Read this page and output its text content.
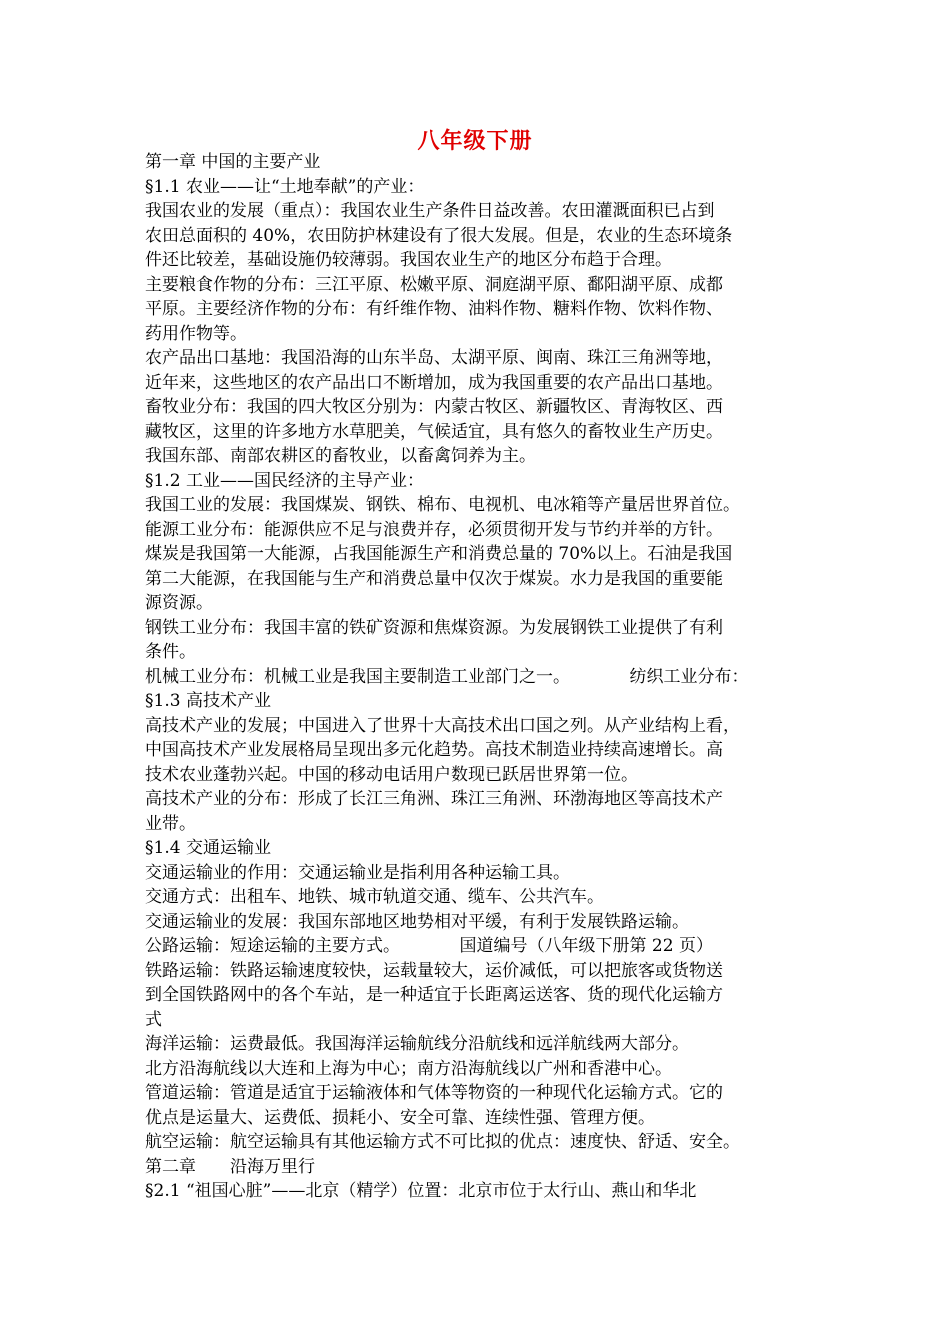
八年级下册
第一章 中国的主要产业
§1.1 农业——让“土地奉献”的产业：
我国农业的发展（重点）：我国农业生产条件日益改善。农田灌溉面积已占到
农田总面积的 40%，农田防护林建设有了很大发展。但是，农业的生态环境条
件还比较差，基础设施仍较薄弱。我国农业生产的地区分布趋于合理。
主要粮食作物的分布：三江平原、松嫩平原、洞庭湖平原、鄱阳湖平原、成都
平原。主要经济作物的分布：有纤维作物、油料作物、糖料作物、饮料作物、
药用作物等。
农产品出口基地：我国沿海的山东半岛、太湖平原、闽南、珠江三角洲等地，
近年来，这些地区的农产品出口不断增加，成为我国重要的农产品出口基地。
畜牧业分布：我国的四大牧区分别为：内蒙古牧区、新疆牧区、青海牧区、西
藏牧区，这里的许多地方水草肥美，气候适宜，具有悠久的畜牧业生产历史。
我国东部、南部农耕区的畜牧业，以畜禽饲养为主。
§1.2 工业——国民经济的主导产业：
我国工业的发展：我国煤炭、钢铁、棉布、电视机、电冰箱等产量居世界首位。
能源工业分布：能源供应不足与浪费并存，必须贯彻开发与节约并举的方针。
煤炭是我国第一大能源，占我国能源生产和消费总量的 70%以上。石油是我国
第二大能源，在我国能与生产和消费总量中仅次于煤炭。水力是我国的重要能
源资源。
钢铁工业分布：我国丰富的铁矿资源和焦煤资源。为发展钢铁工业提供了有利
条件。
机械工业分布：机械工业是我国主要制造工业部门之一。　　　　纺织工业分布：
§1.3 高技术产业
高技术产业的发展；中国进入了世界十大高技术出口国之列。从产业结构上看，
中国高技术产业发展格局呈现出多元化趋势。高技术制造业持续高速增长。高
技术农业蓬勃兴起。中国的移动电话用户数现已跃居世界第一位。
高技术产业的分布：形成了长江三角洲、珠江三角洲、环渤海地区等高技术产
业带。
§1.4 交通运输业
交通运输业的作用：交通运输业是指利用各种运输工具。
交通方式：出租车、地铁、城市轨道交通、缆车、公共汽车。
交通运输业的发展：我国东部地区地势相对平缓，有利于发展铁路运输。
公路运输：短途运输的主要方式。　　　　国道编号（八年级下册第 22 页）
铁路运输：铁路运输速度较快，运载量较大，运价减低，可以把旅客或货物送
到全国铁路网中的各个车站，是一种适宜于长距离运送客、货的现代化运输方
式
海洋运输：运费最低。我国海洋运输航线分沿航线和远洋航线两大部分。
北方沿海航线以大连和上海为中心；南方沿海航线以广州和香港中心。
管道运输：管道是适宜于运输液体和气体等物资的一种现代化运输方式。它的
优点是运量大、运费低、损耗小、安全可靠、连续性强、管理方便。
航空运输：航空运输具有其他运输方式不可比拟的优点：速度快、舒适、安全。
第二章　　沿海万里行
§2.1 “祖国心脏”——北京（精学）位置：北京市位于太行山、燕山和华北
